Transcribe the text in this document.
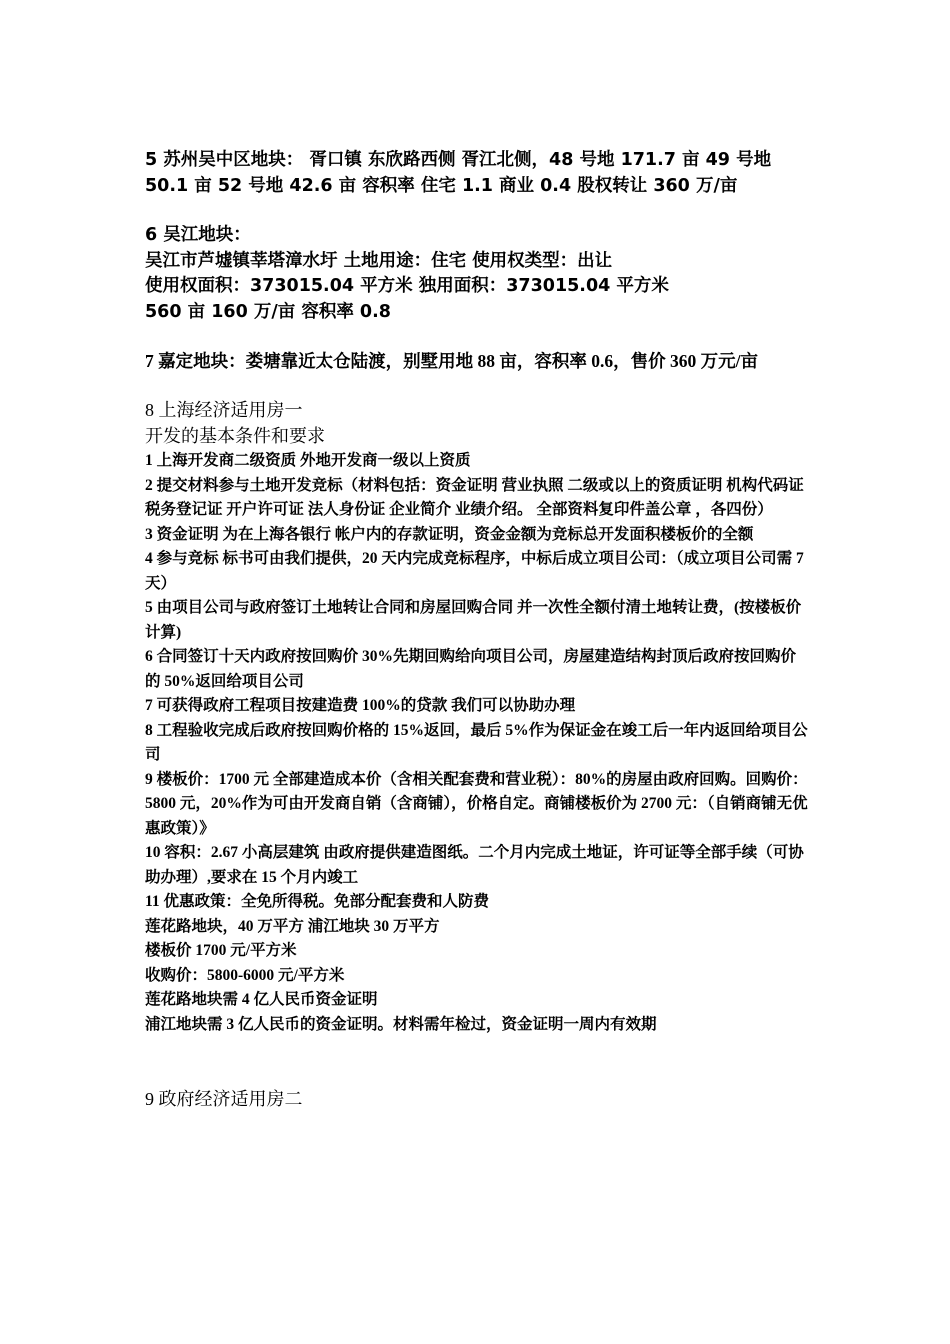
5 苏州吴中区地块： 胥口镇 东欣路西侧 胥江北侧，48 号地 171.7 亩 49 号地 50.1 亩 52 号地 42.6 亩 容积率 住宅 1.1 商业 0.4 股权转让 360 万/亩

6 吴江地块：

吴江市芦墟镇莘塔漳水圩 土地用途：住宅 使用权类型：出让

使用权面积：373015.04 平方米 独用面积：373015.04 平方米

560 亩 160 万/亩 容积率 0.8

7 嘉定地块：娄塘靠近太仓陆渡，别墅用地 88 亩，容积率 0.6，售价 360 万元/亩

8 上海经济适用房一

开发的基本条件和要求

1 上海开发商二级资质 外地开发商一级以上资质

2 提交材料参与土地开发竞标（材料包括：资金证明 营业执照 二级或以上的资质证明 机构代码证 税务登记证 开户许可证 法人身份证 企业简介 业绩介绍。 全部资料复印件盖公章 ，各四份）

3 资金证明 为在上海各银行 帐户内的存款证明，资金金额为竞标总开发面积楼板价的全额

4 参与竞标 标书可由我们提供，20 天内完成竞标程序，中标后成立项目公司：（成立项目公司需 7 天）

5 由项目公司与政府签订土地转让合同和房屋回购合同 并一次性全额付清土地转让费，(按楼板价计算)

6 合同签订十天内政府按回购价 30%先期回购给向项目公司，房屋建造结构封顶后政府按回购价的 50%返回给项目公司

7 可获得政府工程项目按建造费 100%的贷款 我们可以协助办理

8 工程验收完成后政府按回购价格的 15%返回，最后 5%作为保证金在竣工后一年内返回给项目公司

9 楼板价：1700 元 全部建造成本价（含相关配套费和营业税）：80%的房屋由政府回购。回购价：5800 元，20%作为可由开发商自销（含商铺），价格自定。商铺楼板价为 2700 元：（自销商铺无优惠政策）》

10 容积：2.67 小高层建筑 由政府提供建造图纸。二个月内完成土地证，许可证等全部手续（可协助办理）,要求在 15 个月内竣工

11 优惠政策：全免所得税。免部分配套费和人防费

莲花路地块，40 万平方 浦江地块 30 万平方

楼板价 1700 元/平方米

收购价：5800-6000 元/平方米

莲花路地块需 4 亿人民币资金证明

浦江地块需 3 亿人民币的资金证明。材料需年检过，资金证明一周内有效期

9 政府经济适用房二
